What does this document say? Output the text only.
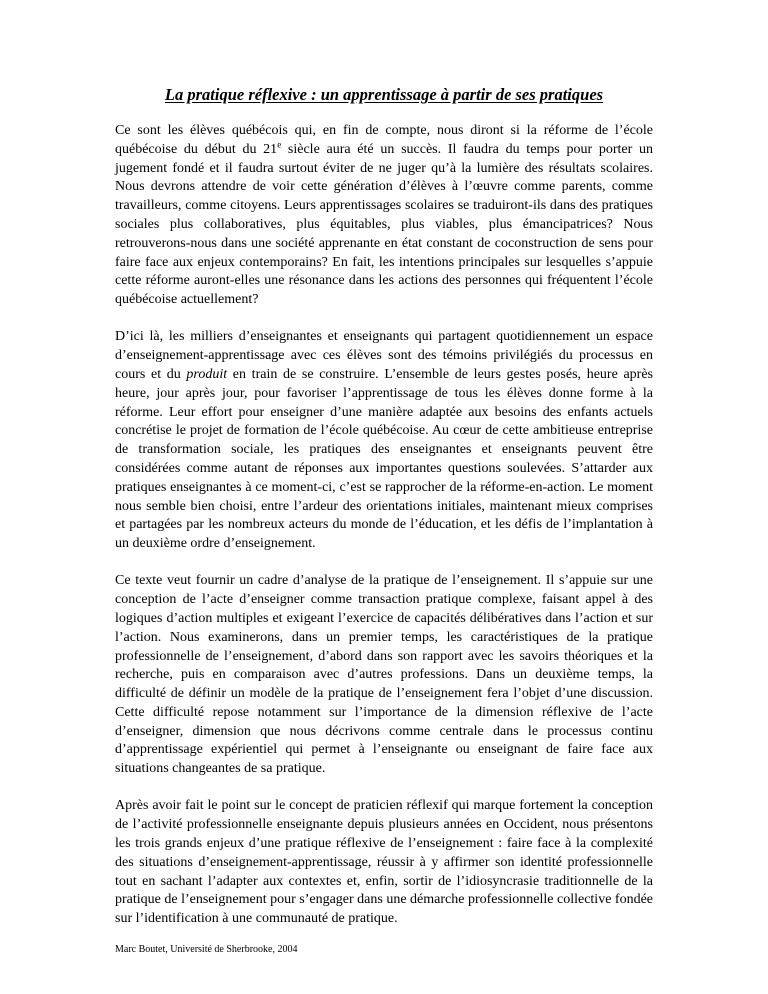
La pratique réflexive : un apprentissage à partir de ses pratiques

Ce sont les élèves québécois qui, en fin de compte, nous diront si la réforme de l’école québécoise du début du 21e siècle aura été un succès. Il faudra du temps pour porter un jugement fondé et il faudra surtout éviter de ne juger qu’à la lumière des résultats scolaires. Nous devrons attendre de voir cette génération d’élèves à l’œuvre comme parents, comme travailleurs, comme citoyens. Leurs apprentissages scolaires se traduiront-ils dans des pratiques sociales plus collaboratives, plus équitables, plus viables, plus émancipatrices? Nous retrouverons-nous dans une société apprenante en état constant de coconstruction de sens pour faire face aux enjeux contemporains? En fait, les intentions principales sur lesquelles s’appuie cette réforme auront-elles une résonance dans les actions des personnes qui fréquentent l’école québécoise actuellement?

D’ici là, les milliers d’enseignantes et enseignants qui partagent quotidiennement un espace d’enseignement-apprentissage avec ces élèves sont des témoins privilégiés du processus en cours et du produit en train de se construire. L’ensemble de leurs gestes posés, heure après heure, jour après jour, pour favoriser l’apprentissage de tous les élèves donne forme à la réforme. Leur effort pour enseigner d’une manière adaptée aux besoins des enfants actuels concrétise le projet de formation de l’école québécoise. Au cœur de cette ambitieuse entreprise de transformation sociale, les pratiques des enseignantes et enseignants peuvent être considérées comme autant de réponses aux importantes questions soulevées. S’attarder aux pratiques enseignantes à ce moment-ci, c’est se rapprocher de la réforme-en-action. Le moment nous semble bien choisi, entre l’ardeur des orientations initiales, maintenant mieux comprises et partagées par les nombreux acteurs du monde de l’éducation, et les défis de l’implantation à un deuxième ordre d’enseignement.

Ce texte veut fournir un cadre d’analyse de la pratique de l’enseignement. Il s’appuie sur une conception de l’acte d’enseigner comme transaction pratique complexe, faisant appel à des logiques d’action multiples et exigeant l’exercice de capacités délibératives dans l’action et sur l’action. Nous examinerons, dans un premier temps, les caractéristiques de la pratique professionnelle de l’enseignement, d’abord dans son rapport avec les savoirs théoriques et la recherche, puis en comparaison avec d’autres professions. Dans un deuxième temps, la difficulté de définir un modèle de la pratique de l’enseignement fera l’objet d’une discussion. Cette difficulté repose notamment sur l’importance de la dimension réflexive de l’acte d’enseigner, dimension que nous décrivons comme centrale dans le processus continu d’apprentissage expérientiel qui permet à l’enseignante ou enseignant de faire face aux situations changeantes de sa pratique.

Après avoir fait le point sur le concept de praticien réflexif qui marque fortement la conception de l’activité professionnelle enseignante depuis plusieurs années en Occident, nous présentons les trois grands enjeux d’une pratique réflexive de l’enseignement : faire face à la complexité des situations d’enseignement-apprentissage, réussir à y affirmer son identité professionnelle tout en sachant l’adapter aux contextes et, enfin, sortir de l’idiosyncrasie traditionnelle de la pratique de l’enseignement pour s’engager dans une démarche professionnelle collective fondée sur l’identification à une communauté de pratique.

Marc Boutet, Université de Sherbrooke, 2004
